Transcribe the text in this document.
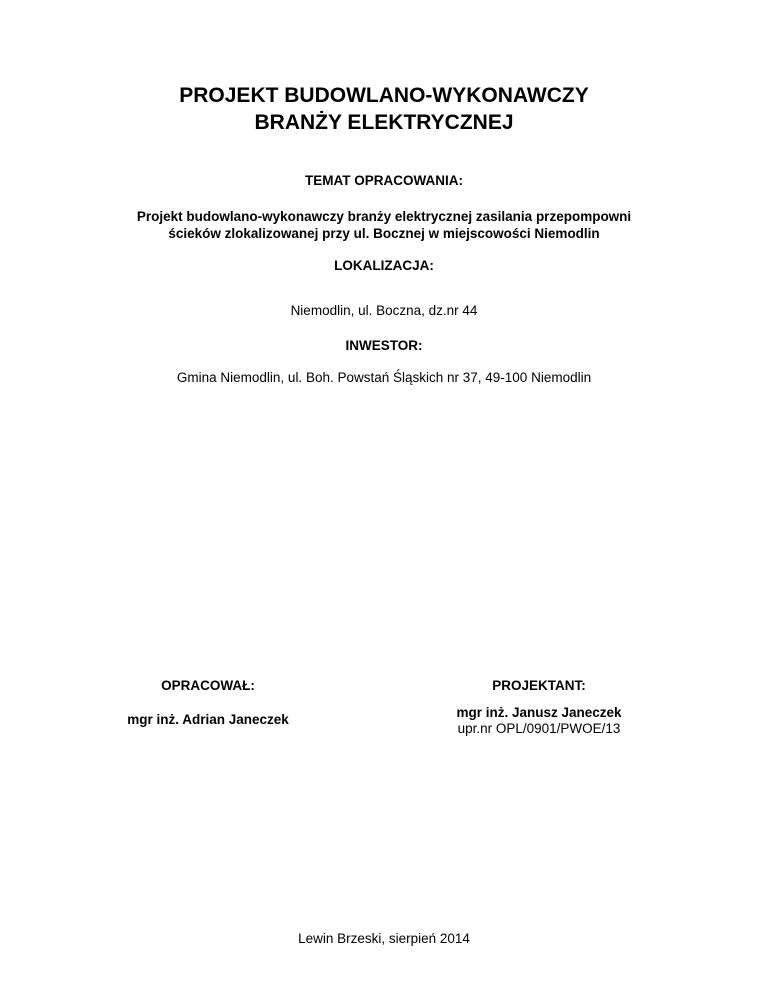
PROJEKT BUDOWLANO-WYKONAWCZY
BRANŻY ELEKTRYCZNEJ
TEMAT OPRACOWANIA:
Projekt budowlano-wykonawczy branży elektrycznej zasilania przepompowni
ścieków zlokalizowanej przy ul. Bocznej w miejscowości Niemodlin
LOKALIZACJA:
Niemodlin, ul. Boczna, dz.nr 44
INWESTOR:
Gmina Niemodlin, ul. Boh. Powstań Śląskich nr 37, 49-100 Niemodlin
OPRACOWAŁ:
mgr inż. Adrian Janeczek
PROJEKTANT:
mgr inż. Janusz Janeczek
upr.nr OPL/0901/PWOE/13
Lewin Brzeski, sierpień 2014
